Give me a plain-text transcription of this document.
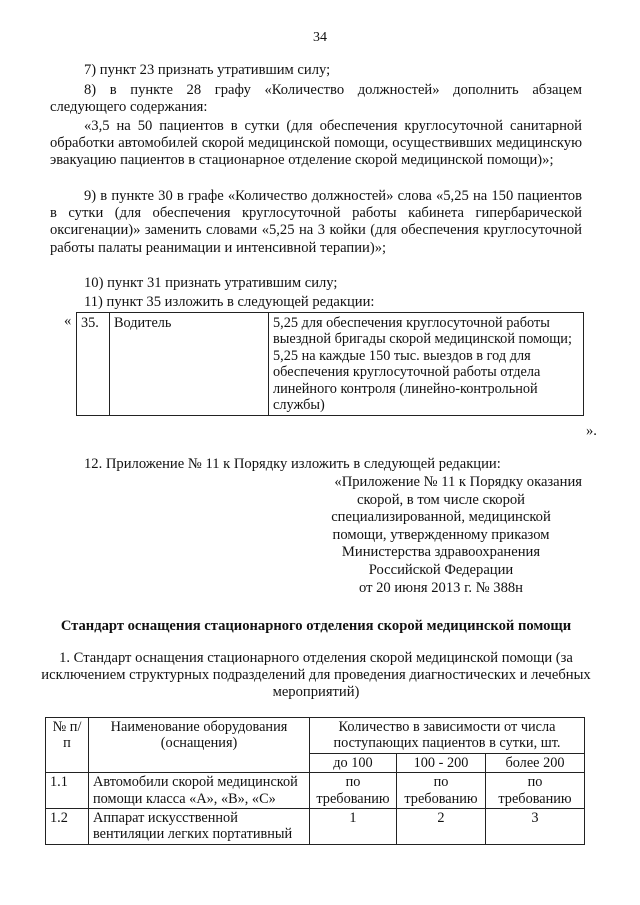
34
7) пункт 23 признать утратившим силу;
8) в пункте 28 графу «Количество должностей» дополнить абзацем следующего содержания:
«3,5 на 50 пациентов в сутки (для обеспечения круглосуточной санитарной обработки автомобилей скорой медицинской помощи, осуществивших медицинскую эвакуацию пациентов в стационарное отделение скорой медицинской помощи)»;
9) в пункте 30 в графе «Количество должностей» слова «5,25 на 150 пациентов в сутки (для обеспечения круглосуточной работы кабинета гипербарической оксигенации)» заменить словами «5,25 на 3 койки (для обеспечения круглосуточной работы палаты реанимации и интенсивной терапии)»;
10) пункт 31 признать утратившим силу;
11) пункт 35 изложить в следующей редакции:
« 35.	Водитель	5,25 для обеспечения круглосуточной работы выездной бригады скорой медицинской помощи;
5,25 на каждые 150 тыс. выездов в год для обеспечения круглосуточной работы отдела линейного контроля (линейно-контрольной службы)
».
12. Приложение № 11 к Порядку изложить в следующей редакции:
«Приложение № 11 к Порядку оказания
скорой, в том числе скорой
специализированной, медицинской
помощи, утвержденному приказом
Министерства здравоохранения
Российской Федерации
от 20 июня 2013 г. № 388н
Стандарт оснащения стационарного отделения скорой медицинской помощи
1. Стандарт оснащения стационарного отделения скорой медицинской помощи (за исключением структурных подразделений для проведения диагностических и лечебных мероприятий)
№ п/п	Наименование оборудования (оснащения)	Количество в зависимости от числа поступающих пациентов в сутки, шт.		
		до 100	100 - 200	более 200
1.1	Автомобили скорой медицинской помощи класса «А», «В», «С»	по требованию	по требованию	по требованию
1.2	Аппарат искусственной вентиляции легких портативный	1	2	3
